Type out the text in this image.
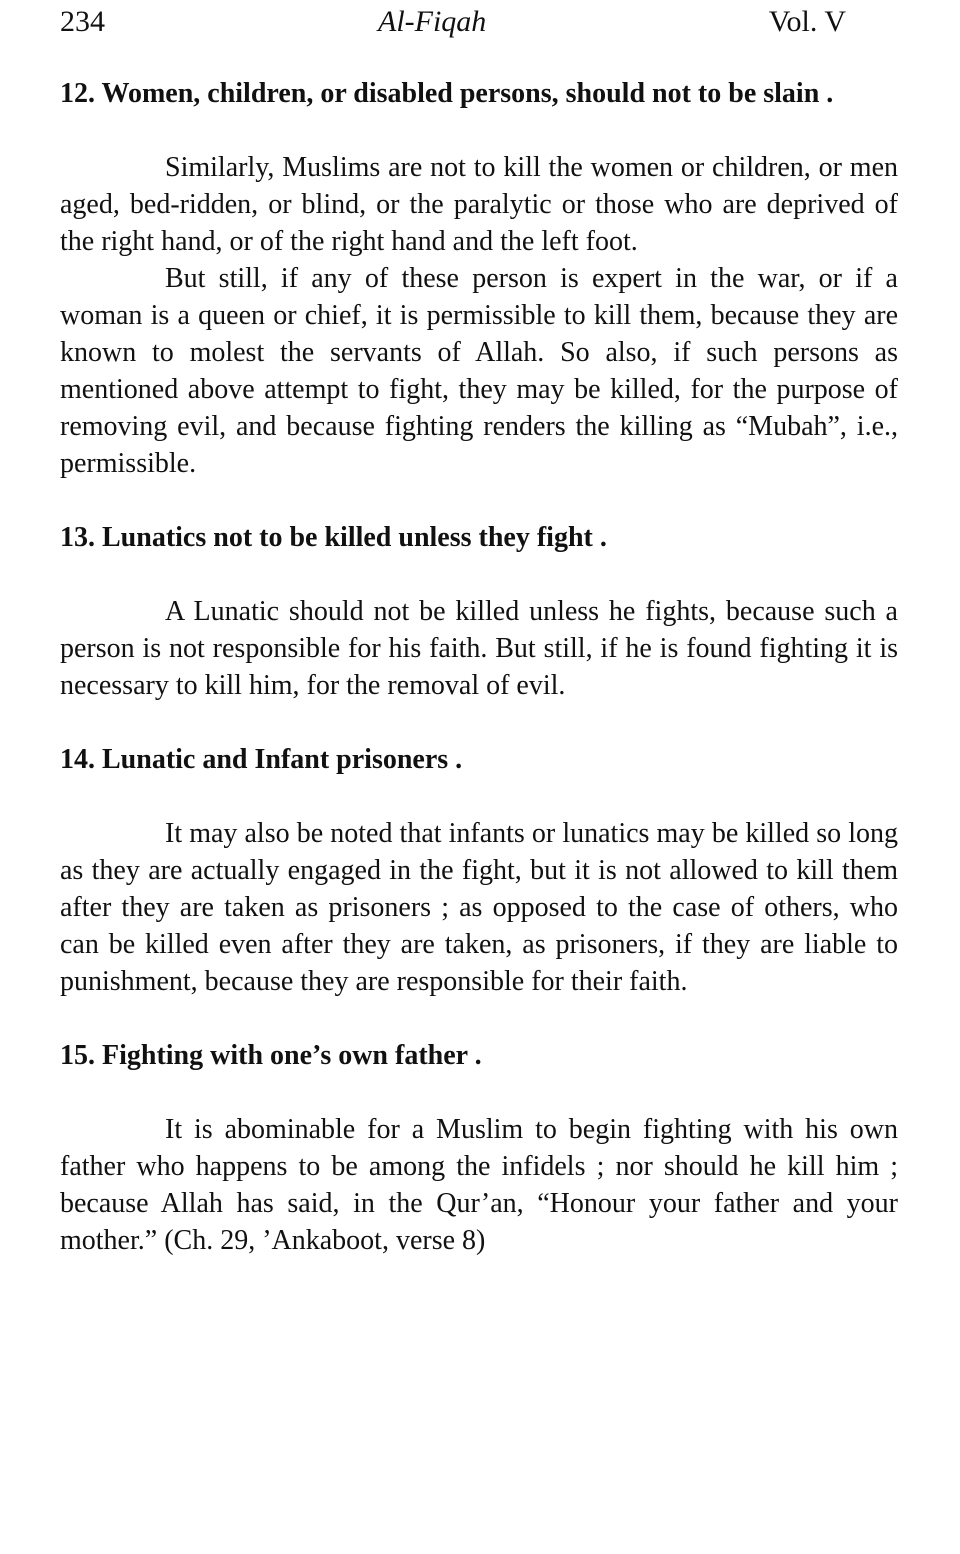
234	Al-Fiqah	Vol. V

12. Women, children, or disabled persons, should not to be slain .

Similarly, Muslims are not to kill the women or children, or men aged, bed-ridden, or blind, or the paralytic or those who are deprived of the right hand, or of the right hand and the left foot.

But still, if any of these person is expert in the war, or if a woman is a queen or chief, it is permissible to kill them, because they are known to molest the servants of Allah. So also, if such persons as mentioned above attempt to fight, they may be killed, for the purpose of removing evil, and because fighting renders the killing as “Mubah”, i.e., permissible.

13. Lunatics not to be killed unless they fight .

A Lunatic should not be killed unless he fights, because such a person is not responsible for his faith. But still, if he is found fighting it is necessary to kill him, for the removal of evil.

14. Lunatic and Infant prisoners .

It may also be noted that infants or lunatics may be killed so long as they are actually engaged in the fight, but it is not allowed to kill them after they are taken as prisoners ; as opposed to the case of others, who can be killed even after they are taken, as prisoners, if they are liable to punishment, because they are responsible for their faith.

15. Fighting with one’s own father .

It is abominable for a Muslim to begin fighting with his own father who happens to be among the infidels ; nor should he kill him ; because Allah has said, in the Qur’an, “Honour your father and your mother.” (Ch. 29, ’Ankaboot, verse 8)
